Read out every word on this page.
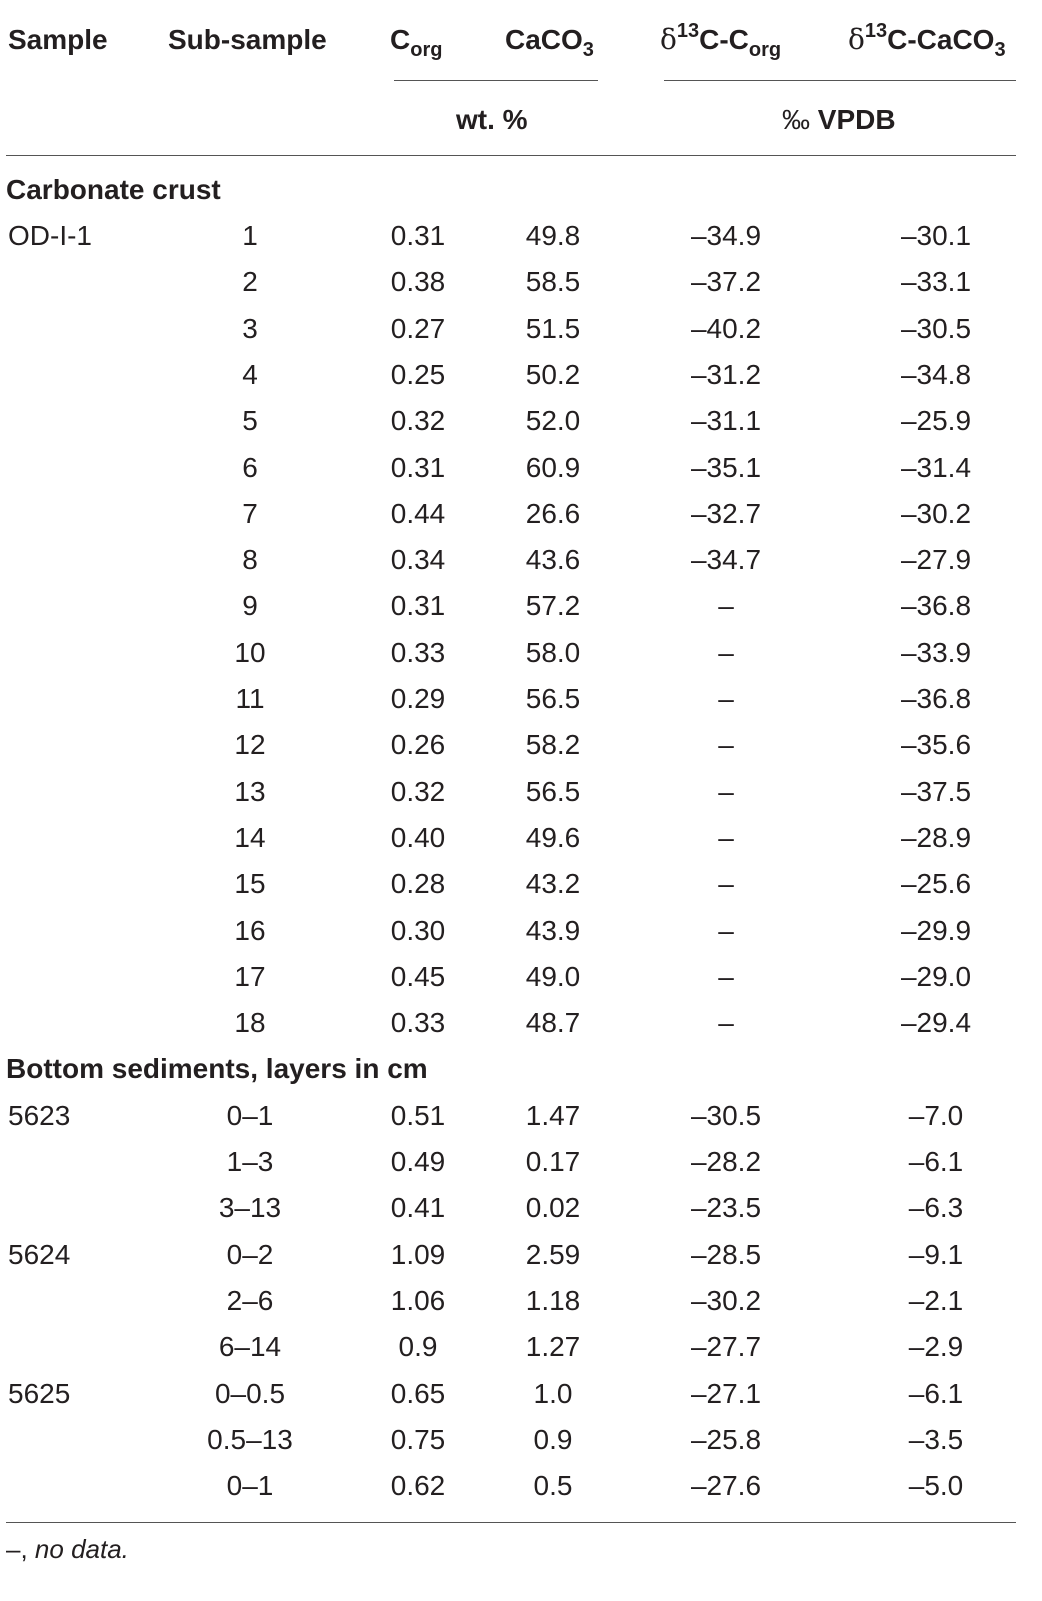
Sample Sub-sample $C_{org}$ CaCO$_3$ $\delta^{13}C-C_{org}$ $\delta^{13}C-CaCO_3$
wt. %	‰ VPDB
Carbonate crust
OD-I-1	1	0.31	49.8	–34.9	–30.1
2	0.38	58.5	–37.2	–33.1
3	0.27	51.5	–40.2	–30.5
4	0.25	50.2	–31.2	–34.8
5	0.32	52.0	–31.1	–25.9
6	0.31	60.9	–35.1	–31.4
7	0.44	26.6	–32.7	–30.2
8	0.34	43.6	–34.7	–27.9
9	0.31	57.2	–	–36.8
10	0.33	58.0	–	–33.9
11	0.29	56.5	–	–36.8
12	0.26	58.2	–	–35.6
13	0.32	56.5	–	–37.5
14	0.40	49.6	–	–28.9
15	0.28	43.2	–	–25.6
16	0.30	43.9	–	–29.9
17	0.45	49.0	–	–29.0
18	0.33	48.7	–	–29.4
Bottom sediments, layers in cm
5623	0–1	0.51	1.47	–30.5	–7.0
1–3	0.49	0.17	–28.2	–6.1
3–13	0.41	0.02	–23.5	–6.3
5624	0–2	1.09	2.59	–28.5	–9.1
2–6	1.06	1.18	–30.2	–2.1
6–14	0.9	1.27	–27.7	–2.9
5625	0–0.5	0.65	1.0	–27.1	–6.1
0.5–13	0.75	0.9	–25.8	–3.5
0–1	0.62	0.5	–27.6	–5.0
–, no data.
